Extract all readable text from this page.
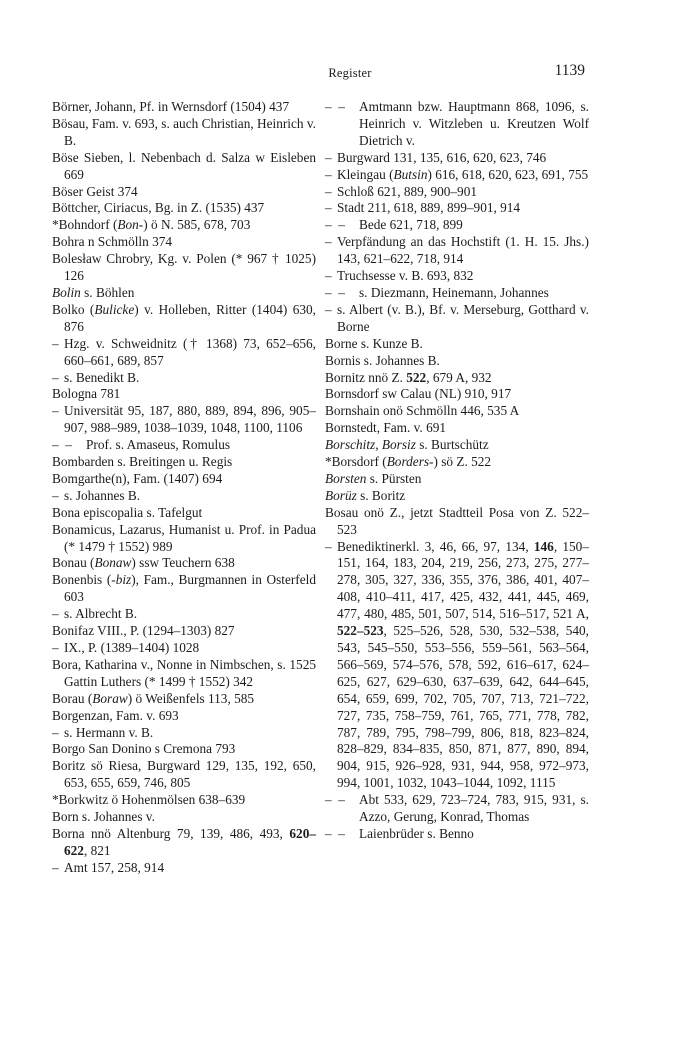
Register	1139
Börner, Johann, Pf. in Wernsdorf (1504) 437
Bösau, Fam. v. 693, s. auch Christian, Heinrich v. B.
Böse Sieben, l. Nebenbach d. Salza w Eisleben 669
Böser Geist 374
Böttcher, Ciriacus, Bg. in Z. (1535) 437
*Bohndorf (Bon-) ö N. 585, 678, 703
Bohra n Schmölln 374
Bolesław Chrobry, Kg. v. Polen (* 967 † 1025) 126
Bolin s. Böhlen
Bolko (Bulicke) v. Holleben, Ritter (1404) 630, 876
– Hzg. v. Schweidnitz († 1368) 73, 652–656, 660–661, 689, 857
– s. Benedikt B.
Bologna 781
– Universität 95, 187, 880, 889, 894, 896, 905–907, 988–989, 1038–1039, 1048, 1100, 1106
–  – Prof. s. Amaseus, Romulus
Bombarden s. Breitingen u. Regis
Bomgarthe(n), Fam. (1407) 694
– s. Johannes B.
Bona episcopalia s. Tafelgut
Bonamicus, Lazarus, Humanist u. Prof. in Padua (* 1479 † 1552) 989
Bonau (Bonaw) ssw Teuchern 638
Bonenbis (-biz), Fam., Burgmannen in Osterfeld 603
– s. Albrecht B.
Bonifaz VIII., P. (1294–1303) 827
– IX., P. (1389–1404) 1028
Bora, Katharina v., Nonne in Nimbschen, s. 1525 Gattin Luthers (* 1499 † 1552) 342
Borau (Boraw) ö Weißenfels 113, 585
Borgenzan, Fam. v. 693
– s. Hermann v. B.
Borgo San Donino s Cremona 793
Boritz sö Riesa, Burgward 129, 135, 192, 650, 653, 655, 659, 746, 805
*Borkwitz ö Hohenmölsen 638–639
Born s. Johannes v.
Borna nnö Altenburg 79, 139, 486, 493, 620–622, 821
– Amt 157, 258, 914
–  – Amtmann bzw. Hauptmann 868, 1096, s. Heinrich v. Witzleben u. Kreutzen Wolf Dietrich v.
– Burgward 131, 135, 616, 620, 623, 746
– Kleingau (Butsin) 616, 618, 620, 623, 691, 755
– Schloß 621, 889, 900–901
– Stadt 211, 618, 889, 899–901, 914
–  – Bede 621, 718, 899
– Verpfändung an das Hochstift (1. H. 15. Jhs.) 143, 621–622, 718, 914
– Truchsesse v. B. 693, 832
–  – s. Diezmann, Heinemann, Johannes
– s. Albert (v. B.), Bf. v. Merseburg, Gotthard v. Borne
Borne s. Kunze B.
Bornis s. Johannes B.
Bornitz nnö Z. 522, 679 A, 932
Bornsdorf sw Calau (NL) 910, 917
Bornshain onö Schmölln 446, 535 A
Bornstedt, Fam. v. 691
Borschitz, Borsiz s. Burtschütz
*Borsdorf (Borders-) sö Z. 522
Borsten s. Pürsten
Borüz s. Boritz
Bosau onö Z., jetzt Stadtteil Posa von Z. 522–523
– Benediktinerkl. 3, 46, 66, 97, 134, 146, 150–151, 164, 183, 204, 219, 256, 273, 275, 277–278, 305, 327, 336, 355, 376, 386, 401, 407–408, 410–411, 417, 425, 432, 441, 445, 469, 477, 480, 485, 501, 507, 514, 516–517, 521 A, 522–523, 525–526, 528, 530, 532–538, 540, 543, 545–550, 553–556, 559–561, 563–564, 566–569, 574–576, 578, 592, 616–617, 624–625, 627, 629–630, 637–639, 642, 644–645, 654, 659, 699, 702, 705, 707, 713, 721–722, 727, 735, 758–759, 761, 765, 771, 778, 782, 787, 789, 795, 798–799, 806, 818, 823–824, 828–829, 834–835, 850, 871, 877, 890, 894, 904, 915, 926–928, 931, 944, 958, 972–973, 994, 1001, 1032, 1043–1044, 1092, 1115
–  – Abt 533, 629, 723–724, 783, 915, 931, s. Azzo, Gerung, Konrad, Thomas
–  – Laienbrüder s. Benno
